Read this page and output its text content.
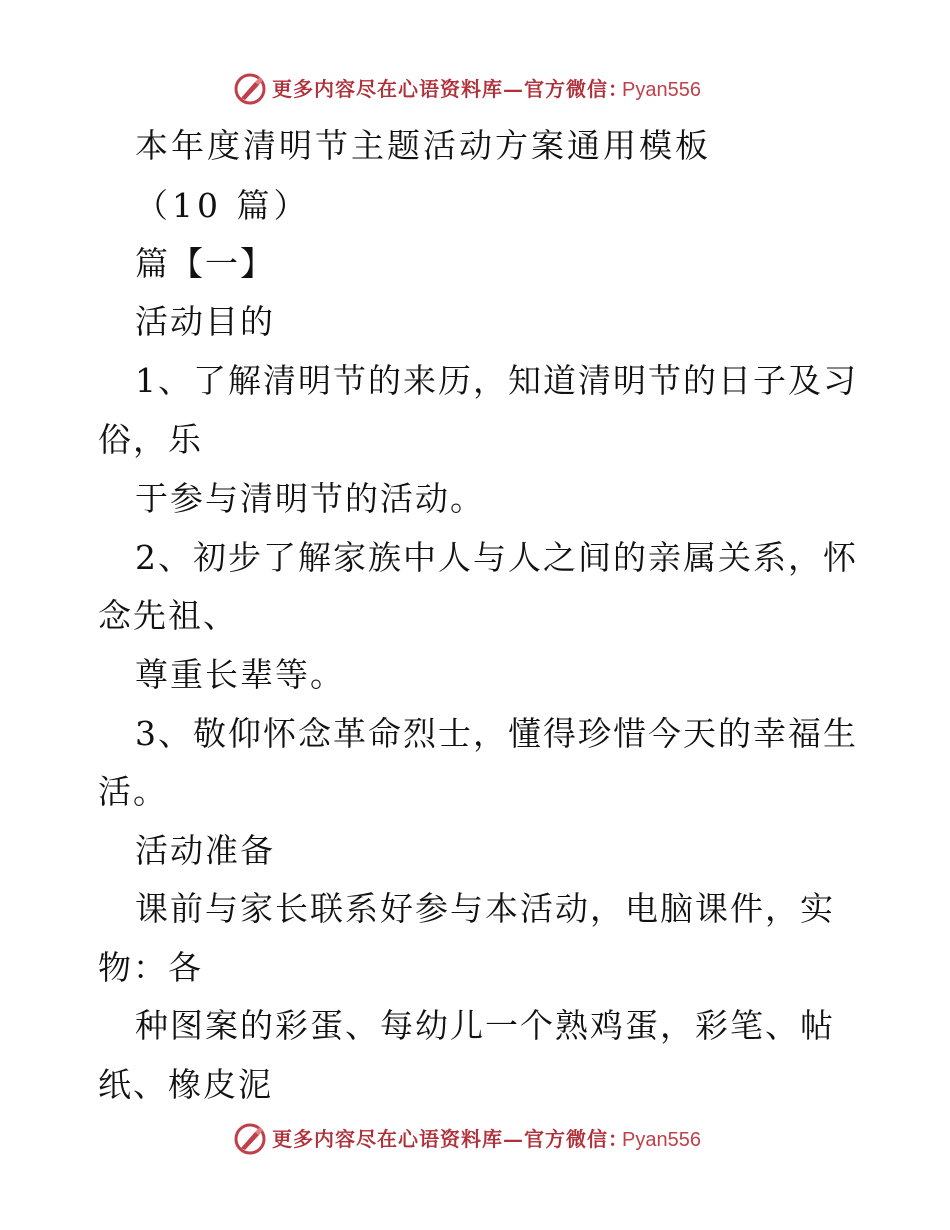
更多内容尽在心语资料库—官方微信：
Pyan556
本年度清明节主题活动方案通用模板
（10 篇）
篇【一】
活动目的
1、了解清明节的来历，知道清明节的日子及习
俗，乐
于参与清明节的活动。
2、初步了解家族中人与人之间的亲属关系，怀
念先祖、
尊重长辈等。
3、敬仰怀念革命烈士，懂得珍惜今天的幸福生
活。
活动准备
课前与家长联系好参与本活动，电脑课件，实
物：各
种图案的彩蛋、每幼儿一个熟鸡蛋，彩笔、帖
纸、橡皮泥
更多内容尽在心语资料库—官方微信：
Pyan556
